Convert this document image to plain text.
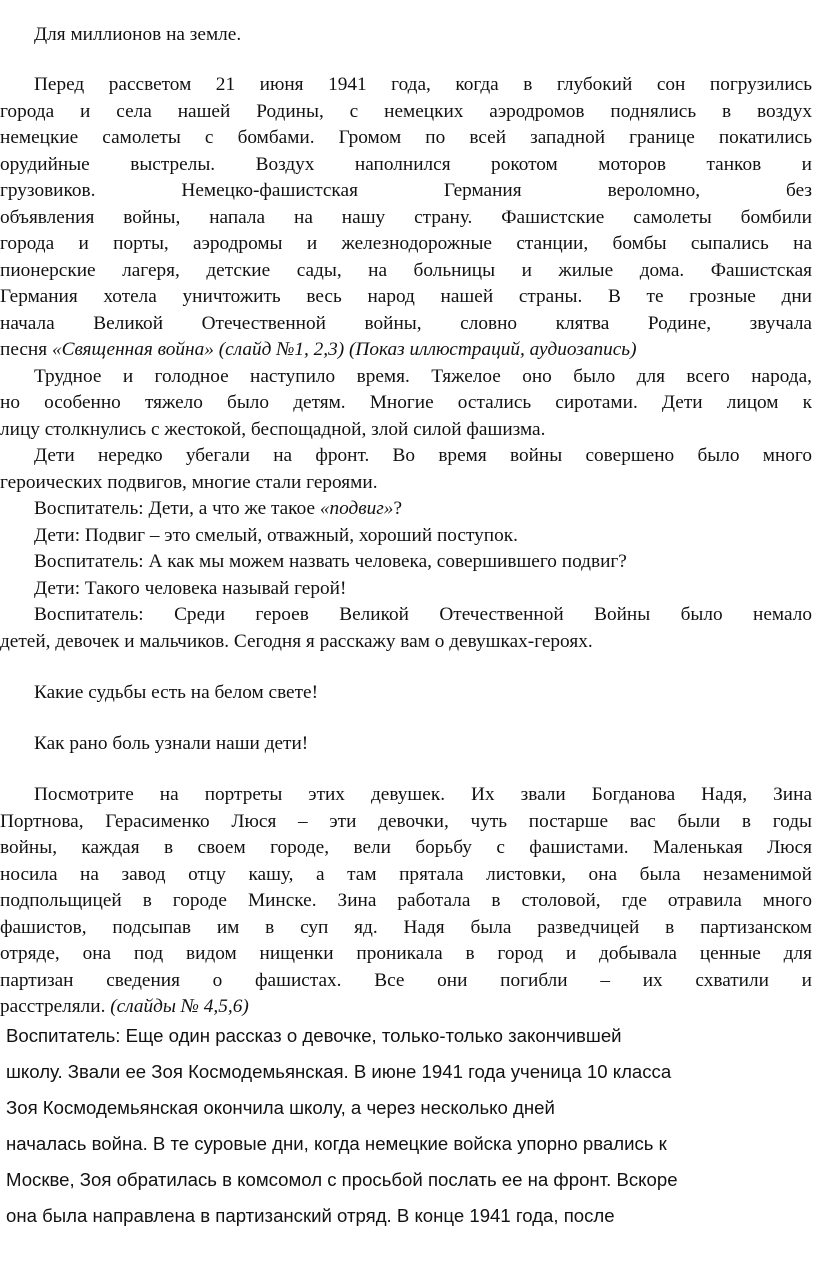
Для миллионов на земле.
Перед рассветом 21 июня 1941 года, когда в глубокий сон погрузились
города и села нашей Родины, с немецких аэродромов поднялись в воздух
немецкие самолеты с бомбами. Громом по всей западной границе покатились
орудийные выстрелы. Воздух наполнился рокотом моторов танков и
грузовиков. Немецко-фашистская Германия вероломно, без
объявления войны, напала на нашу страну. Фашистские самолеты бомбили
города и порты, аэродромы и железнодорожные станции, бомбы сыпались на
пионерские лагеря, детские сады, на больницы и жилые дома. Фашистская
Германия хотела уничтожить весь народ нашей страны. В те грозные дни
начала Великой Отечественной войны, словно клятва Родине, звучала
песня «Священная война» (слайд №1, 2,3) (Показ иллюстраций, аудиозапись)
Трудное и голодное наступило время. Тяжелое оно было для всего народа,
но особенно тяжело было детям. Многие остались сиротами. Дети лицом к
лицу столкнулись с жестокой, беспощадной, злой силой фашизма.
Дети нередко убегали на фронт. Во время войны совершено было много
героических подвигов, многие стали героями.
Воспитатель: Дети, а что же такое «подвиг»?
Дети: Подвиг – это смелый, отважный, хороший поступок.
Воспитатель: А как мы можем назвать человека, совершившего подвиг?
Дети: Такого человека называй герой!
Воспитатель: Среди героев Великой Отечественной Войны было немало
детей, девочек и мальчиков. Сегодня я расскажу вам о девушках-героях.
Какие судьбы есть на белом свете!
Как рано боль узнали наши дети!
Посмотрите на портреты этих девушек. Их звали Богданова Надя, Зина
Портнова, Герасименко Люся – эти девочки, чуть постарше вас были в годы
войны, каждая в своем городе, вели борьбу с фашистами. Маленькая Люся
носила на завод отцу кашу, а там прятала листовки, она была незаменимой
подпольщицей в городе Минске. Зина работала в столовой, где отравила много
фашистов, подсыпав им в суп яд. Надя была разведчицей в партизанском
отряде, она под видом нищенки проникала в город и добывала ценные для
партизан сведения о фашистах. Все они погибли – их схватили и
расстреляли. (слайды № 4,5,6)
Воспитатель: Еще один рассказ о девочке, только-только закончившей
школу. Звали ее Зоя Космодемьянская. В июне 1941 года ученица 10 класса
Зоя Космодемьянская окончила школу, а через несколько дней
началась война. В те суровые дни, когда немецкие войска упорно рвались к
Москве, Зоя обратилась в комсомол с просьбой послать ее на фронт. Вскоре
она была направлена в партизанский отряд. В конце 1941 года, после
